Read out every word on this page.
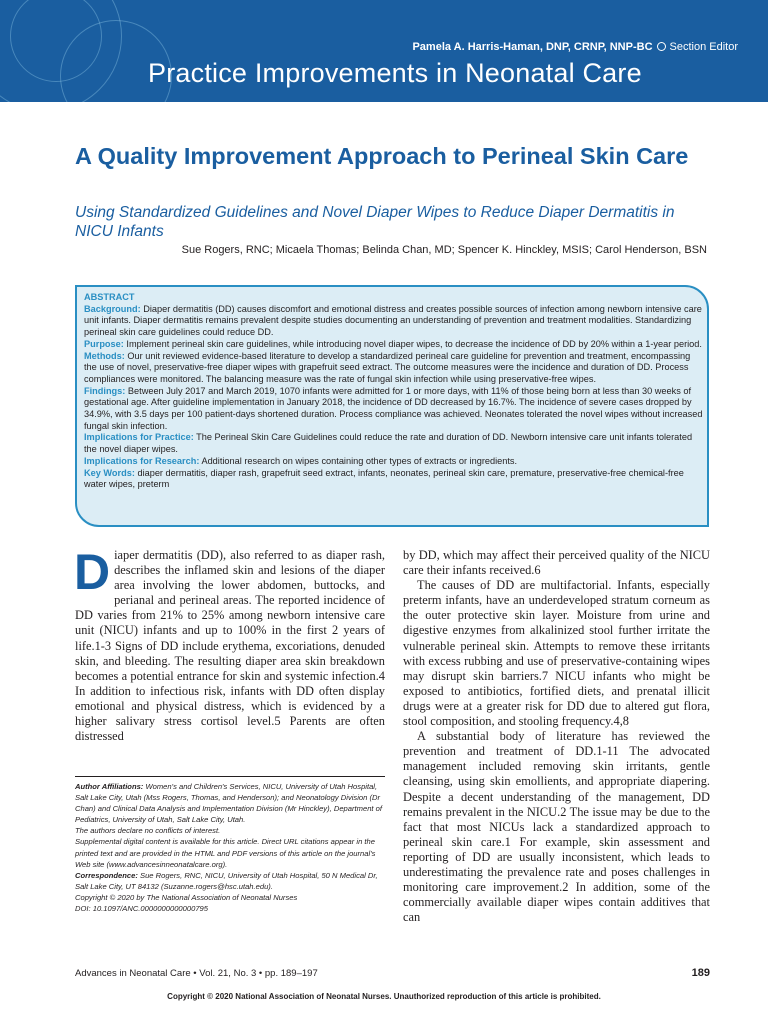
Pamela A. Harris-Haman, DNP, CRNP, NNP-BC Section Editor
Practice Improvements in Neonatal Care
A Quality Improvement Approach to Perineal Skin Care
Using Standardized Guidelines and Novel Diaper Wipes to Reduce Diaper Dermatitis in NICU Infants
Sue Rogers, RNC; Micaela Thomas; Belinda Chan, MD; Spencer K. Hinckley, MSIS; Carol Henderson, BSN

ABSTRACT

Background: Diaper dermatitis (DD) causes discomfort and emotional distress and creates possible sources of infection among newborn intensive care unit infants. Diaper dermatitis remains prevalent despite studies documenting an understanding of prevention and treatment modalities. Standardizing perineal skin care guidelines could reduce DD.

Purpose: Implement perineal skin care guidelines, while introducing novel diaper wipes, to decrease the incidence of DD by 20% within a 1-year period.

Methods: Our unit reviewed evidence-based literature to develop a standardized perineal care guideline for prevention and treatment, encompassing the use of novel, preservative-free diaper wipes with grapefruit seed extract. The outcome measures were the incidence and duration of DD. Process compliances were monitored. The balancing measure was the rate of fungal skin infection while using preservative-free wipes.

Findings: Between July 2017 and March 2019, 1070 infants were admitted for 1 or more days, with 11% of those being born at less than 30 weeks of gestational age. After guideline implementation in January 2018, the incidence of DD decreased by 16.7%. The incidence of severe cases dropped by 34.9%, with 3.5 days per 100 patient-days shortened duration. Process compliance was achieved. Neonates tolerated the novel wipes without increased fungal skin infection.

Implications for Practice: The Perineal Skin Care Guidelines could reduce the rate and duration of DD. Newborn intensive care unit infants tolerated the novel diaper wipes.

Implications for Research: Additional research on wipes containing other types of extracts or ingredients.

Key Words: diaper dermatitis, diaper rash, grapefruit seed extract, infants, neonates, perineal skin care, premature, preservative-free chemical-free water wipes, preterm

Diaper dermatitis (DD), also referred to as diaper rash, describes the inflamed skin and lesions of the diaper area involving the lower abdomen, buttocks, and perianal and perineal areas. The reported incidence of DD varies from 21% to 25% among newborn intensive care unit (NICU) infants and up to 100% in the first 2 years of life.1-3 Signs of DD include erythema, excoriations, denuded skin, and bleeding. The resulting diaper area skin breakdown becomes a potential entrance for skin and systemic infection.4 In addition to infectious risk, infants with DD often display emotional and physical distress, which is evidenced by a higher salivary stress cortisol level.5 Parents are often distressed

Author Affiliations: Women's and Children's Services, NICU, University of Utah Hospital, Salt Lake City, Utah (Mss Rogers, Thomas, and Henderson); and Neonatology Division (Dr Chan) and Clinical Data Analysis and Implementation Division (Mr Hinckley), Department of Pediatrics, University of Utah, Salt Lake City, Utah.

The authors declare no conflicts of interest.

Supplemental digital content is available for this article. Direct URL citations appear in the printed text and are provided in the HTML and PDF versions of this article on the journal's Web site (www.advancesinneonatalcare.org).

Correspondence: Sue Rogers, RNC, NICU, University of Utah Hospital, 50 N Medical Dr, Salt Lake City, UT 84132 (Suzanne.rogers@hsc.utah.edu).

Copyright © 2020 by The National Association of Neonatal Nurses

DOI: 10.1097/ANC.0000000000000795

by DD, which may affect their perceived quality of the NICU care their infants received.6

The causes of DD are multifactorial. Infants, especially preterm infants, have an underdeveloped stratum corneum as the outer protective skin layer. Moisture from urine and digestive enzymes from alkalinized stool further irritate the vulnerable perineal skin. Attempts to remove these irritants with excess rubbing and use of preservative-containing wipes may disrupt skin barriers.7 NICU infants who might be exposed to antibiotics, fortified diets, and prenatal illicit drugs were at a greater risk for DD due to altered gut flora, stool composition, and stooling frequency.4,8

A substantial body of literature has reviewed the prevention and treatment of DD.1-11 The advocated management included removing skin irritants, gentle cleansing, using skin emollients, and appropriate diapering. Despite a decent understanding of the management, DD remains prevalent in the NICU.2 The issue may be due to the fact that most NICUs lack a standardized approach to perineal skin care.1 For example, skin assessment and reporting of DD are usually inconsistent, which leads to underestimating the prevalence rate and poses challenges in monitoring care improvement.2 In addition, some of the commercially available diaper wipes contain additives that can

Advances in Neonatal Care • Vol. 21, No. 3 • pp. 189–197	189
Copyright © 2020 National Association of Neonatal Nurses. Unauthorized reproduction of this article is prohibited.
